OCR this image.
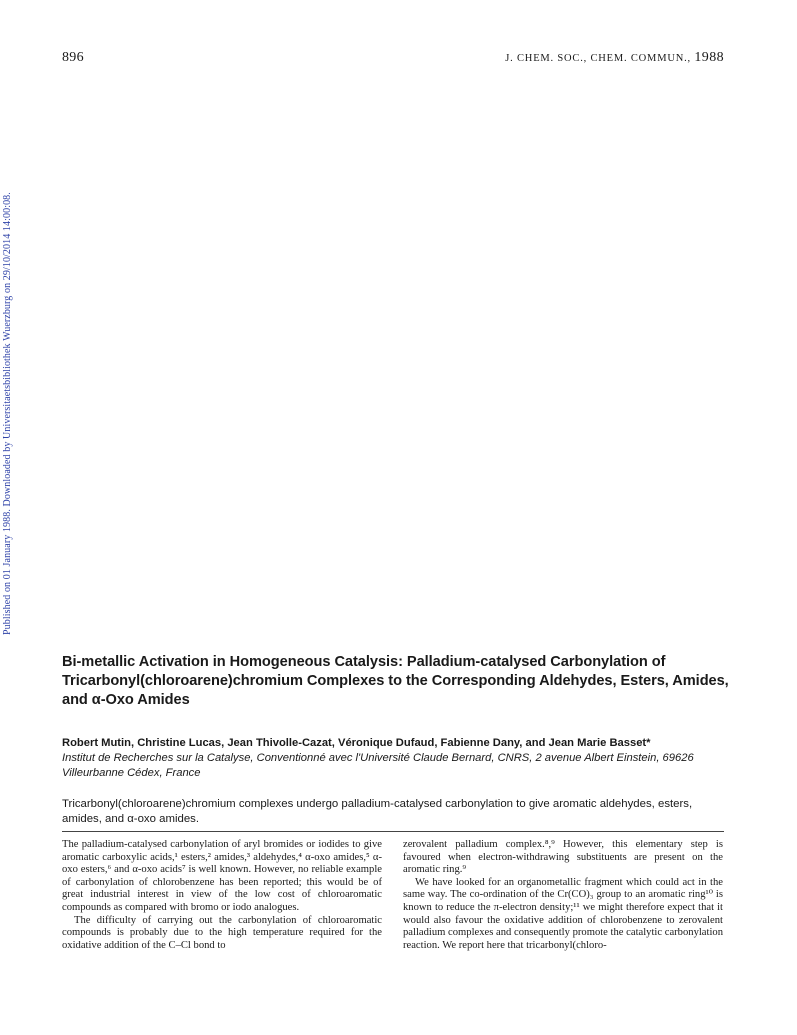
896	J. CHEM. SOC., CHEM. COMMUN., 1988
Published on 01 January 1988. Downloaded by Universitaetsbibliothek Wuerzburg on 29/10/2014 14:00:08.
Bi-metallic Activation in Homogeneous Catalysis: Palladium-catalysed Carbonylation of Tricarbonyl(chloroarene)chromium Complexes to the Corresponding Aldehydes, Esters, Amides, and α-Oxo Amides
Robert Mutin, Christine Lucas, Jean Thivolle-Cazat, Véronique Dufaud, Fabienne Dany, and Jean Marie Basset*
Institut de Recherches sur la Catalyse, Conventionné avec l'Université Claude Bernard, CNRS, 2 avenue Albert Einstein, 69626 Villeurbanne Cédex, France
Tricarbonyl(chloroarene)chromium complexes undergo palladium-catalysed carbonylation to give aromatic aldehydes, esters, amides, and α-oxo amides.

The palladium-catalysed carbonylation of aryl bromides or iodides to give aromatic carboxylic acids,¹ esters,² amides,³ aldehydes,⁴ α-oxo amides,⁵ α-oxo esters,⁶ and α-oxo acids⁷ is well known. However, no reliable example of carbonylation of chlorobenzene has been reported; this would be of great industrial interest in view of the low cost of chloroaromatic compounds as compared with bromo or iodo analogues.

The difficulty of carrying out the carbonylation of chloroaromatic compounds is probably due to the high temperature required for the oxidative addition of the C–Cl bond to

zerovalent palladium complex.⁸,⁹ However, this elementary step is favoured when electron-withdrawing substituents are present on the aromatic ring.⁹

We have looked for an organometallic fragment which could act in the same way. The co-ordination of the Cr(CO)₃ group to an aromatic ring¹⁰ is known to reduce the π-electron density;¹¹ we might therefore expect that it would also favour the oxidative addition of chlorobenzene to zerovalent palladium complexes and consequently promote the catalytic carbonylation reaction. We report here that tricarbonyl(chloro-
